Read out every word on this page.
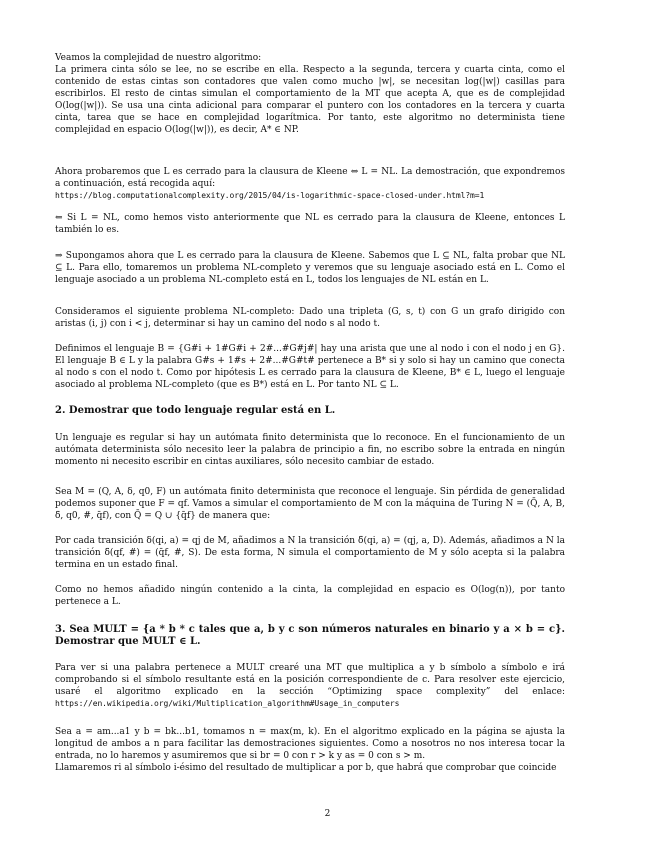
Veamos la complejidad de nuestro algoritmo:

La primera cinta sólo se lee, no se escribe en ella. Respecto a la segunda, tercera y cuarta cinta, como el contenido de estas cintas son contadores que valen como mucho |w|, se necesitan log(|w|) casillas para escribirlos. El resto de cintas simulan el comportamiento de la MT que acepta A, que es de complejidad O(log(|w|)). Se usa una cinta adicional para comparar el puntero con los contadores en la tercera y cuarta cinta, tarea que se hace en complejidad logarítmica. Por tanto, este algoritmo no determinista tiene complejidad en espacio O(log(|w|)), es decir, A* ∈ NP.

Ahora probaremos que L es cerrado para la clausura de Kleene ⇔ L = NL. La demostración, que expondremos a continuación, está recogida aquí:

https://blog.computationalcomplexity.org/2015/04/is-logarithmic-space-closed-under.html?m=1

⇐ Si L = NL, como hemos visto anteriormente que NL es cerrado para la clausura de Kleene, entonces L también lo es.

⇒ Supongamos ahora que L es cerrado para la clausura de Kleene. Sabemos que L ⊆ NL, falta probar que NL ⊆ L. Para ello, tomaremos un problema NL-completo y veremos que su lenguaje asociado está en L. Como el lenguaje asociado a un problema NL-completo está en L, todos los lenguajes de NL están en L.

Consideramos el siguiente problema NL-completo: Dado una tripleta (G, s, t) con G un grafo dirigido con aristas (i, j) con i < j, determinar si hay un camino del nodo s al nodo t.

Definimos el lenguaje B = {G#i + 1#G#i + 2#...#G#j#| hay una arista que une al nodo i con el nodo j en G}. El lenguaje B ∈ L y la palabra G#s + 1#s + 2#...#G#t# pertenece a B* si y solo si hay un camino que conecta al nodo s con el nodo t. Como por hipótesis L es cerrado para la clausura de Kleene, B* ∈ L, luego el lenguaje asociado al problema NL-completo (que es B*) está en L. Por tanto NL ⊆ L.

2. Demostrar que todo lenguaje regular está en L.

Un lenguaje es regular si hay un autómata finito determinista que lo reconoce. En el funcionamiento de un autómata determinista sólo necesito leer la palabra de principio a fin, no escribo sobre la entrada en ningún momento ni necesito escribir en cintas auxiliares, sólo necesito cambiar de estado.

Sea M = (Q, A, δ, q0, F) un autómata finito determinista que reconoce el lenguaje. Sin pérdida de generalidad podemos suponer que F = qf. Vamos a simular el comportamiento de M con la máquina de Turing N = (Q̄, A, B, δ̄, q0, #, q̄f), con Q̄ = Q ∪ {q̄f} de manera que:

Por cada transición δ(qi, a) = qj de M, añadimos a N la transición δ̄(qi, a) = (qj, a, D). Además, añadimos a N la transición δ̄(qf, #) = (q̄f, #, S). De esta forma, N simula el comportamiento de M y sólo acepta si la palabra termina en un estado final.

Como no hemos añadido ningún contenido a la cinta, la complejidad en espacio es O(log(n)), por tanto pertenece a L.

3. Sea MULT = {a * b * c tales que a, b y c son números naturales en binario y a × b = c}. Demostrar que MULT ∈ L.

Para ver si una palabra pertenece a MULT crearé una MT que multiplica a y b símbolo a símbolo e irá comprobando si el símbolo resultante está en la posición correspondiente de c. Para resolver este ejercicio, usaré el algoritmo explicado en la sección “Optimizing space complexity” del enlace: https://en.wikipedia.org/wiki/Multiplication_algorithm#Usage_in_computers

Sea a = am...a1 y b = bk...b1, tomamos n = max(m, k). En el algoritmo explicado en la página se ajusta la longitud de ambos a n para facilitar las demostraciones siguientes. Como a nosotros no nos interesa tocar la entrada, no lo haremos y asumiremos que si br = 0 con r > k y as = 0 con s > m.

Llamaremos ri al símbolo i-ésimo del resultado de multiplicar a por b, que habrá que comprobar que coincide

2
